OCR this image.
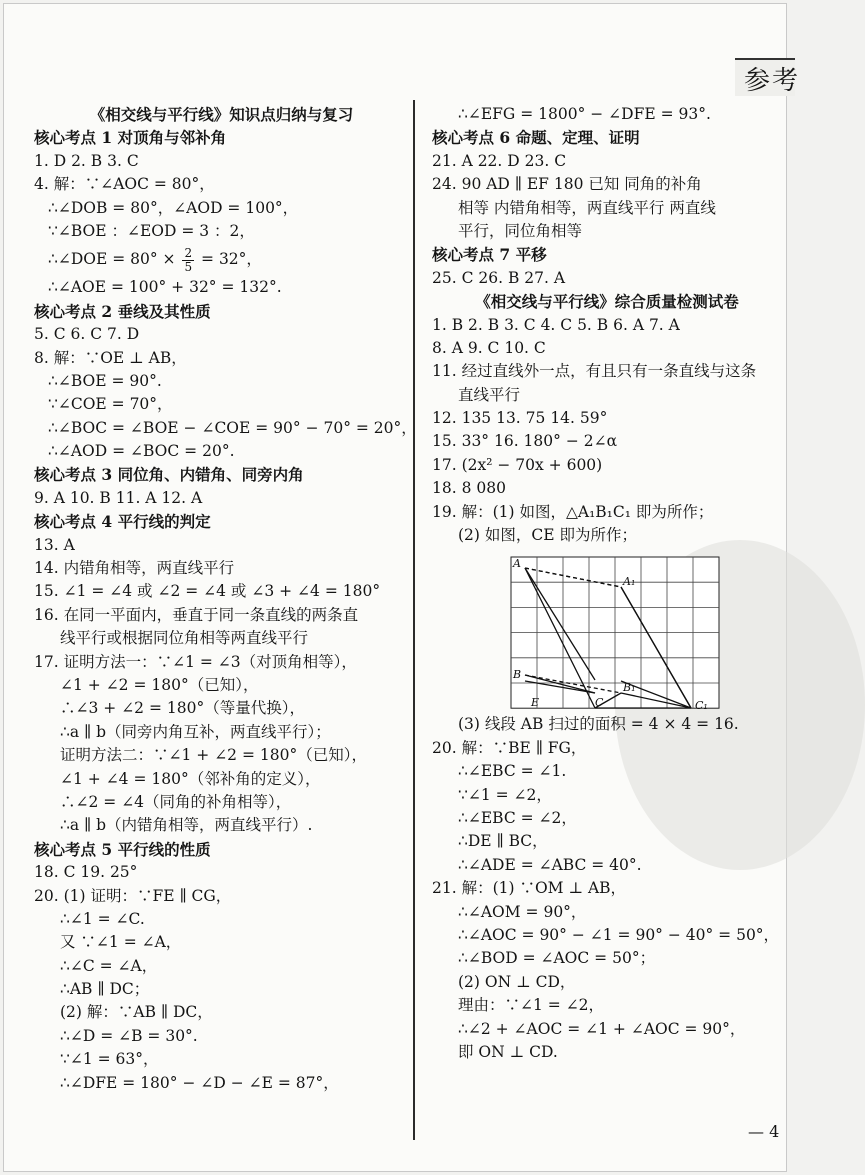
参考
《相交线与平行线》知识点归纳与复习
核心考点 1 对顶角与邻补角
1. D 2. B 3. C
4. 解：∵∠AOC = 80°，
∴∠DOB = 80°，∠AOD = 100°，
∵∠BOE ：∠EOD = 3 ：2，
∴∠DOE = $80^\circ \times \frac{2}{5} = 32^\circ$，
∴∠AOE = 100° + 32° = 132°.
核心考点 2 垂线及其性质
5. C 6. C 7. D
8. 解：∵OE ⊥ AB，
∴∠BOE = 90°.
∵∠COE = 70°，
∴∠BOC = ∠BOE − ∠COE = 90° − 70° = 20°，
∴∠AOD = ∠BOC = 20°.
核心考点 3 同位角、内错角、同旁内角
9. A 10. B 11. A 12. A
核心考点 4 平行线的判定
13. A
14. 内错角相等，两直线平行
15. ∠1 = ∠4 或 ∠2 = ∠4 或 ∠3 + ∠4 = 180°
16. 在同一平面内，垂直于同一条直线的两条直
线平行或根据同位角相等两直线平行
17. 证明方法一：∵∠1 = ∠3（对顶角相等），
∠1 + ∠2 = 180°（已知），
∴∠3 + ∠2 = 180°（等量代换），
∴a ∥ b（同旁内角互补，两直线平行）；
证明方法二：∵∠1 + ∠2 = 180°（已知），
∠1 + ∠4 = 180°（邻补角的定义），
∴∠2 = ∠4（同角的补角相等），
∴a ∥ b（内错角相等，两直线平行）.
核心考点 5 平行线的性质
18. C 19. 25°
20. (1) 证明：∵FE ∥ CG，
∴∠1 = ∠C.
又 ∵∠1 = ∠A，
∴∠C = ∠A，
∴AB ∥ DC；
(2) 解：∵AB ∥ DC，
∴∠D = ∠B = 30°.
∵∠1 = 63°，
∴∠DFE = 180° − ∠D − ∠E = 87°，
∴∠EFG = 1800° − ∠DFE = 93°.
核心考点 6 命题、定理、证明
21. A 22. D 23. C
24. 90 AD ∥ EF 180 已知 同角的补角
相等 内错角相等，两直线平行 两直线
平行，同位角相等
核心考点 7 平移
25. C 26. B 27. A
《相交线与平行线》综合质量检测试卷
1. B 2. B 3. C 4. C 5. B 6. A 7. A
8. A 9. C 10. C
11. 经过直线外一点，有且只有一条直线与这条
直线平行
12. 135 13. 75 14. 59°
15. 33° 16. 180° − 2∠α
17. (2x² − 70x + 600)
18. 8 080
19. 解：(1) 如图，△A₁B₁C₁ 即为所作；
(2) 如图，CE 即为所作；
A
A₁
B
B₁
E	C	C₁
(3) 线段 AB 扫过的面积 = 4 × 4 = 16.
20. 解：∵BE ∥ FG，
∴∠EBC = ∠1.
∵∠1 = ∠2，
∴∠EBC = ∠2，
∴DE ∥ BC，
∴∠ADE = ∠ABC = 40°.
21. 解：(1) ∵OM ⊥ AB，
∴∠AOM = 90°，
∴∠AOC = 90° − ∠1 = 90° − 40° = 50°，
∴∠BOD = ∠AOC = 50°；
(2) ON ⊥ CD，
理由：∵∠1 = ∠2，
∴∠2 + ∠AOC = ∠1 + ∠AOC = 90°，
即 ON ⊥ CD.
— 4
